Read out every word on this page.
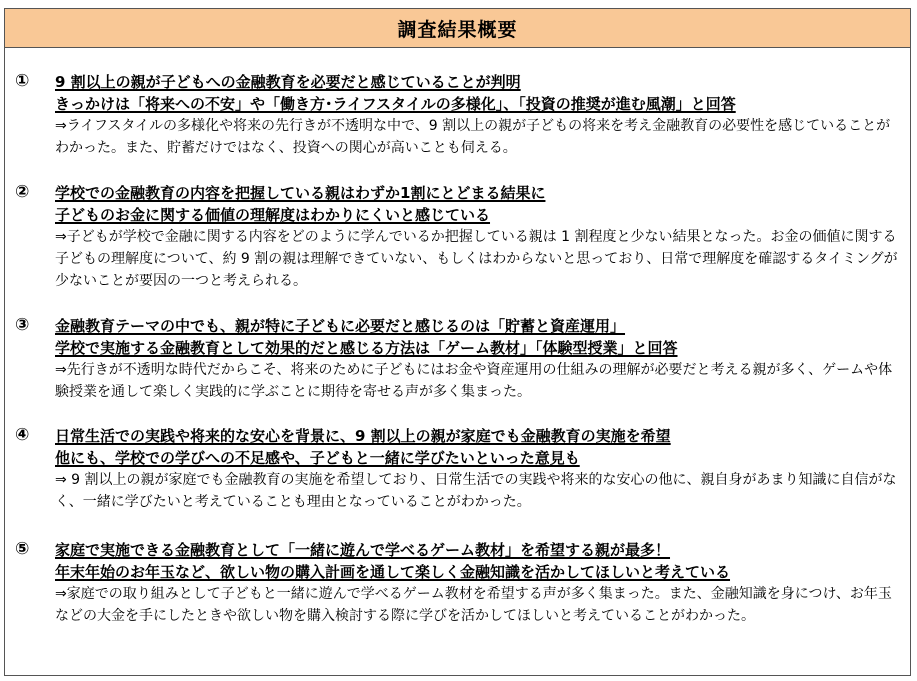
調査結果概要
①	9 割以上の親が子どもへの金融教育を必要だと感じていることが判明
きっかけは「将来への不安」や「働き方･ライフスタイルの多様化」、「投資の推奨が進む風潮」と回答
⇒ライフスタイルの多様化や将来の先行きが不透明な中で、9 割以上の親が子どもの将来を考え金融教育の必要性を感じていることがわかった。また、貯蓄だけではなく、投資への関心が高いことも伺える。
②	学校での金融教育の内容を把握している親はわずか1割にとどまる結果に
子どものお金に関する価値の理解度はわかりにくいと感じている
⇒子どもが学校で金融に関する内容をどのように学んでいるか把握している親は 1 割程度と少ない結果となった。お金の価値に関する子どもの理解度について、約 9 割の親は理解できていない、もしくはわからないと思っており、日常で理解度を確認するタイミングが少ないことが要因の一つと考えられる。
③	金融教育テーマの中でも、親が特に子どもに必要だと感じるのは「貯蓄と資産運用」
学校で実施する金融教育として効果的だと感じる方法は「ゲーム教材」「体験型授業」と回答
⇒先行きが不透明な時代だからこそ、将来のために子どもにはお金や資産運用の仕組みの理解が必要だと考える親が多く、ゲームや体験授業を通して楽しく実践的に学ぶことに期待を寄せる声が多く集まった。
④	日常生活での実践や将来的な安心を背景に、9 割以上の親が家庭でも金融教育の実施を希望
他にも、学校での学びへの不足感や、子どもと一緒に学びたいといった意見も
⇒ 9 割以上の親が家庭でも金融教育の実施を希望しており、日常生活での実践や将来的な安心の他に、親自身があまり知識に自信がなく、一緒に学びたいと考えていることも理由となっていることがわかった。
⑤	家庭で実施できる金融教育として「一緒に遊んで学べるゲーム教材」を希望する親が最多！
年末年始のお年玉など、欲しい物の購入計画を通して楽しく金融知識を活かしてほしいと考えている
⇒家庭での取り組みとして子どもと一緒に遊んで学べるゲーム教材を希望する声が多く集まった。また、金融知識を身につけ、お年玉などの大金を手にしたときや欲しい物を購入検討する際に学びを活かしてほしいと考えていることがわかった。
